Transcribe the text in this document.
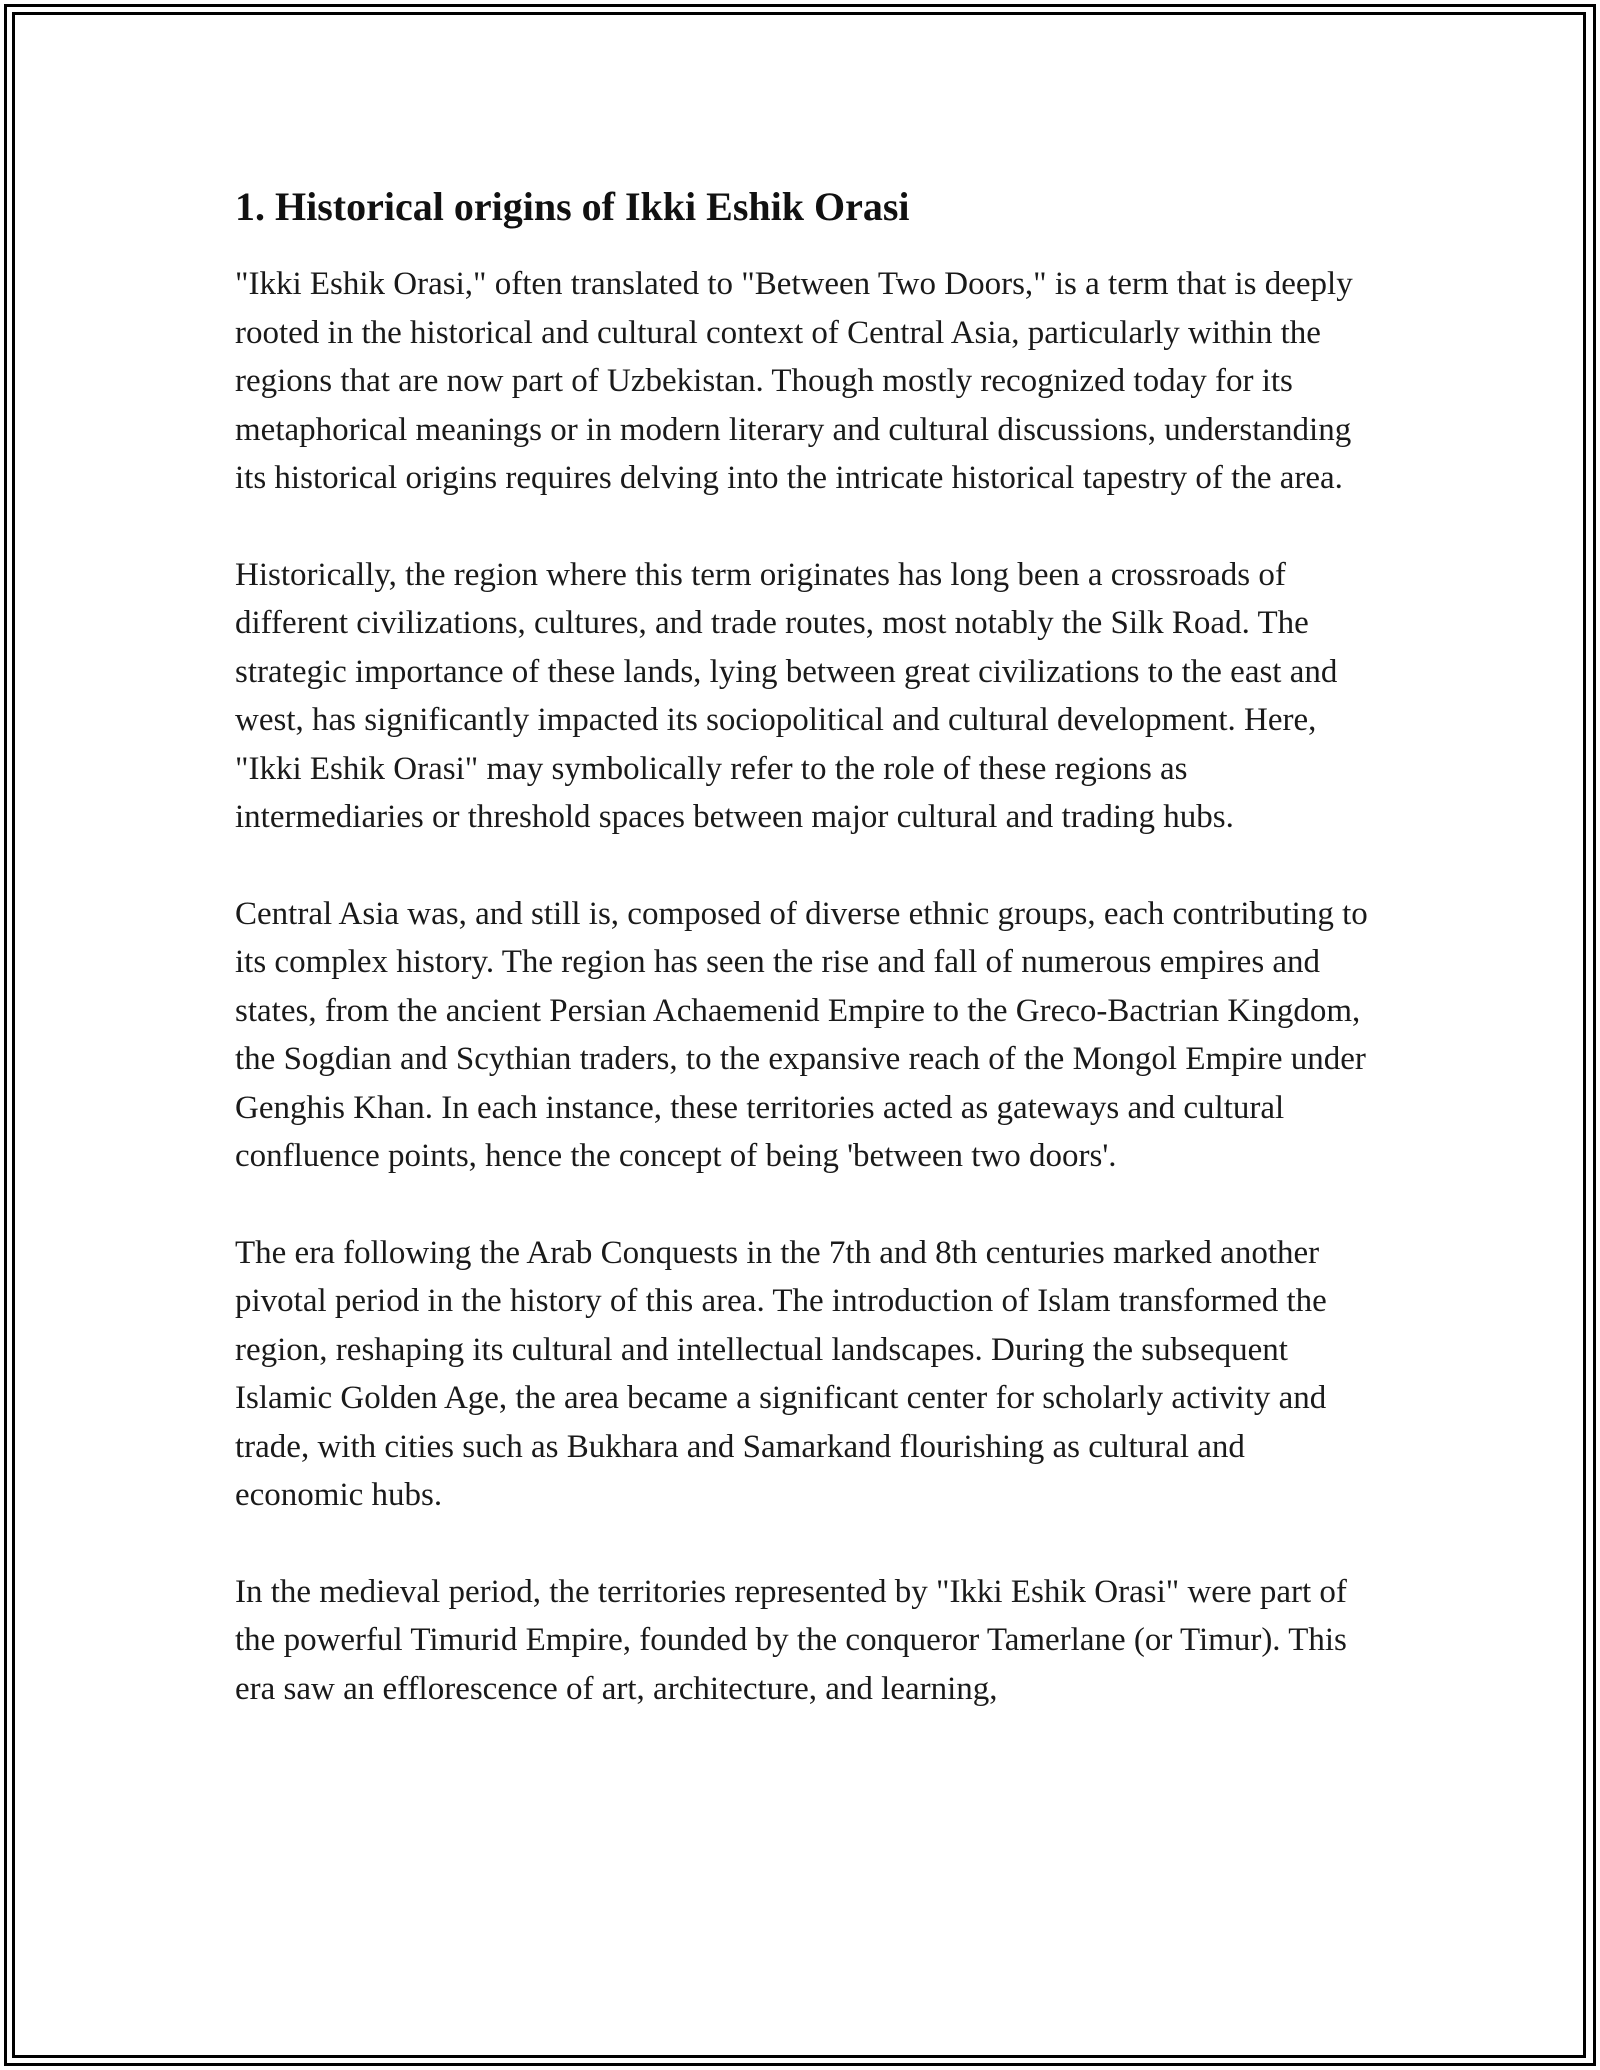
1. Historical origins of Ikki Eshik Orasi

"Ikki Eshik Orasi," often translated to "Between Two Doors," is a term that is deeply rooted in the historical and cultural context of Central Asia, particularly within the regions that are now part of Uzbekistan. Though mostly recognized today for its metaphorical meanings or in modern literary and cultural discussions, understanding its historical origins requires delving into the intricate historical tapestry of the area.

Historically, the region where this term originates has long been a crossroads of different civilizations, cultures, and trade routes, most notably the Silk Road. The strategic importance of these lands, lying between great civilizations to the east and west, has significantly impacted its sociopolitical and cultural development. Here, "Ikki Eshik Orasi" may symbolically refer to the role of these regions as intermediaries or threshold spaces between major cultural and trading hubs.

Central Asia was, and still is, composed of diverse ethnic groups, each contributing to its complex history. The region has seen the rise and fall of numerous empires and states, from the ancient Persian Achaemenid Empire to the Greco-Bactrian Kingdom, the Sogdian and Scythian traders, to the expansive reach of the Mongol Empire under Genghis Khan. In each instance, these territories acted as gateways and cultural confluence points, hence the concept of being 'between two doors'.

The era following the Arab Conquests in the 7th and 8th centuries marked another pivotal period in the history of this area. The introduction of Islam transformed the region, reshaping its cultural and intellectual landscapes. During the subsequent Islamic Golden Age, the area became a significant center for scholarly activity and trade, with cities such as Bukhara and Samarkand flourishing as cultural and economic hubs.

In the medieval period, the territories represented by "Ikki Eshik Orasi" were part of the powerful Timurid Empire, founded by the conqueror Tamerlane (or Timur). This era saw an efflorescence of art, architecture, and learning,
